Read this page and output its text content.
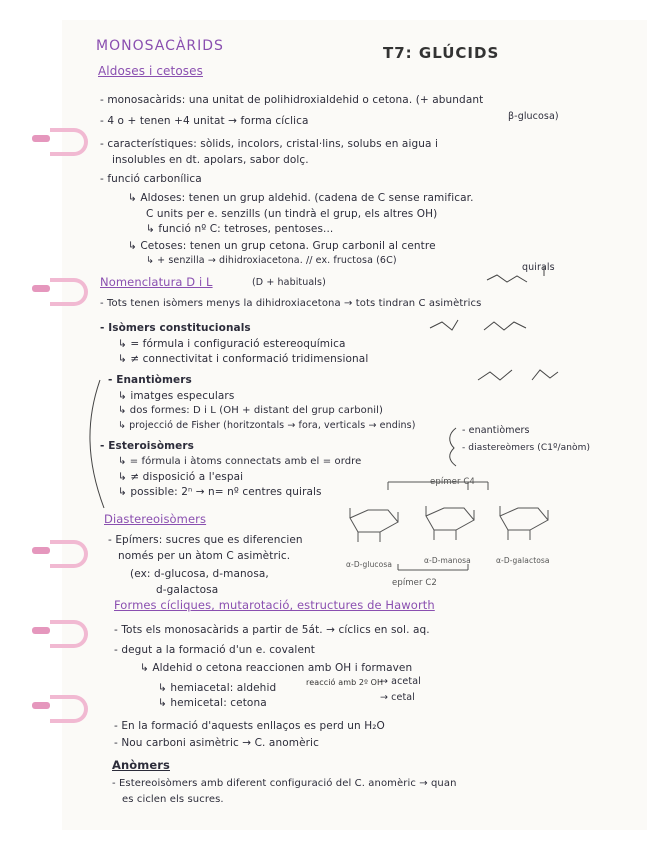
MONOSACÀRIDS	T7: GLÚCIDS
Aldoses i cetoses
- monosacàrids: una unitat de polihidroxialdehid o cetona. (+ abundant
β-glucosa)
- 4 o + tenen +4 unitat → forma cíclica
- característiques: sòlids, incolors, cristal·lins, solubs en aigua i
insolubles en dt. apolars, sabor dolç.
- funció carbonílica
↳ Aldoses: tenen un grup aldehid. (cadena de C sense ramificar.
C units per e. senzills (un tindrà el grup, els altres OH)
↳ funció nº C: tetroses, pentoses...
↳ Cetoses: tenen un grup cetona. Grup carbonil al centre
↳ + senzilla → dihidroxiacetona. // ex. fructosa (6C)
Nomenclatura D i L	(D + habituals)
quirals
- Tots tenen isòmers menys la dihidroxiacetona → tots tindran C asimètrics
- Isòmers constitucionals
↳ = fórmula i configuració estereoquímica
↳ ≠ connectivitat i conformació tridimensional
- Enantiòmers
↳ imatges especulars
↳ dos formes: D i L (OH + distant del grup carbonil)
↳ projecció de Fisher (horitzontals → fora, verticals → endins)
- Esteroisòmers
↳ = fórmula i àtoms connectats amb el = ordre
↳ ≠ disposició a l'espai
↳ possible: 2ⁿ → n= nº centres quirals
- enantiòmers
- diastereòmers (C1º/anòm)
Diastereoisòmers
- Epímers: sucres que es diferencien
només per un àtom C asimètric.
(ex: d-glucosa, d-manosa,
d-galactosa
epímer C4
epímer C2
α-D-glucosa	α-D-manosa	α-D-galactosa
Formes cícliques, mutarotació, estructures de Haworth
- Tots els monosacàrids a partir de 5át. → cíclics en sol. aq.
- degut a la formació d'un e. covalent
↳ Aldehid o cetona reaccionen amb OH i formaven
↳ hemiacetal: aldehid
↳ hemicetal: cetona
reacció amb 2º OH
→ acetal
→ cetal
- En la formació d'aquests enllaços es perd un H₂O
- Nou carboni asimètric → C. anomèric
Anòmers
- Estereoisòmers amb diferent configuració del C. anomèric → quan
es ciclen els sucres.
